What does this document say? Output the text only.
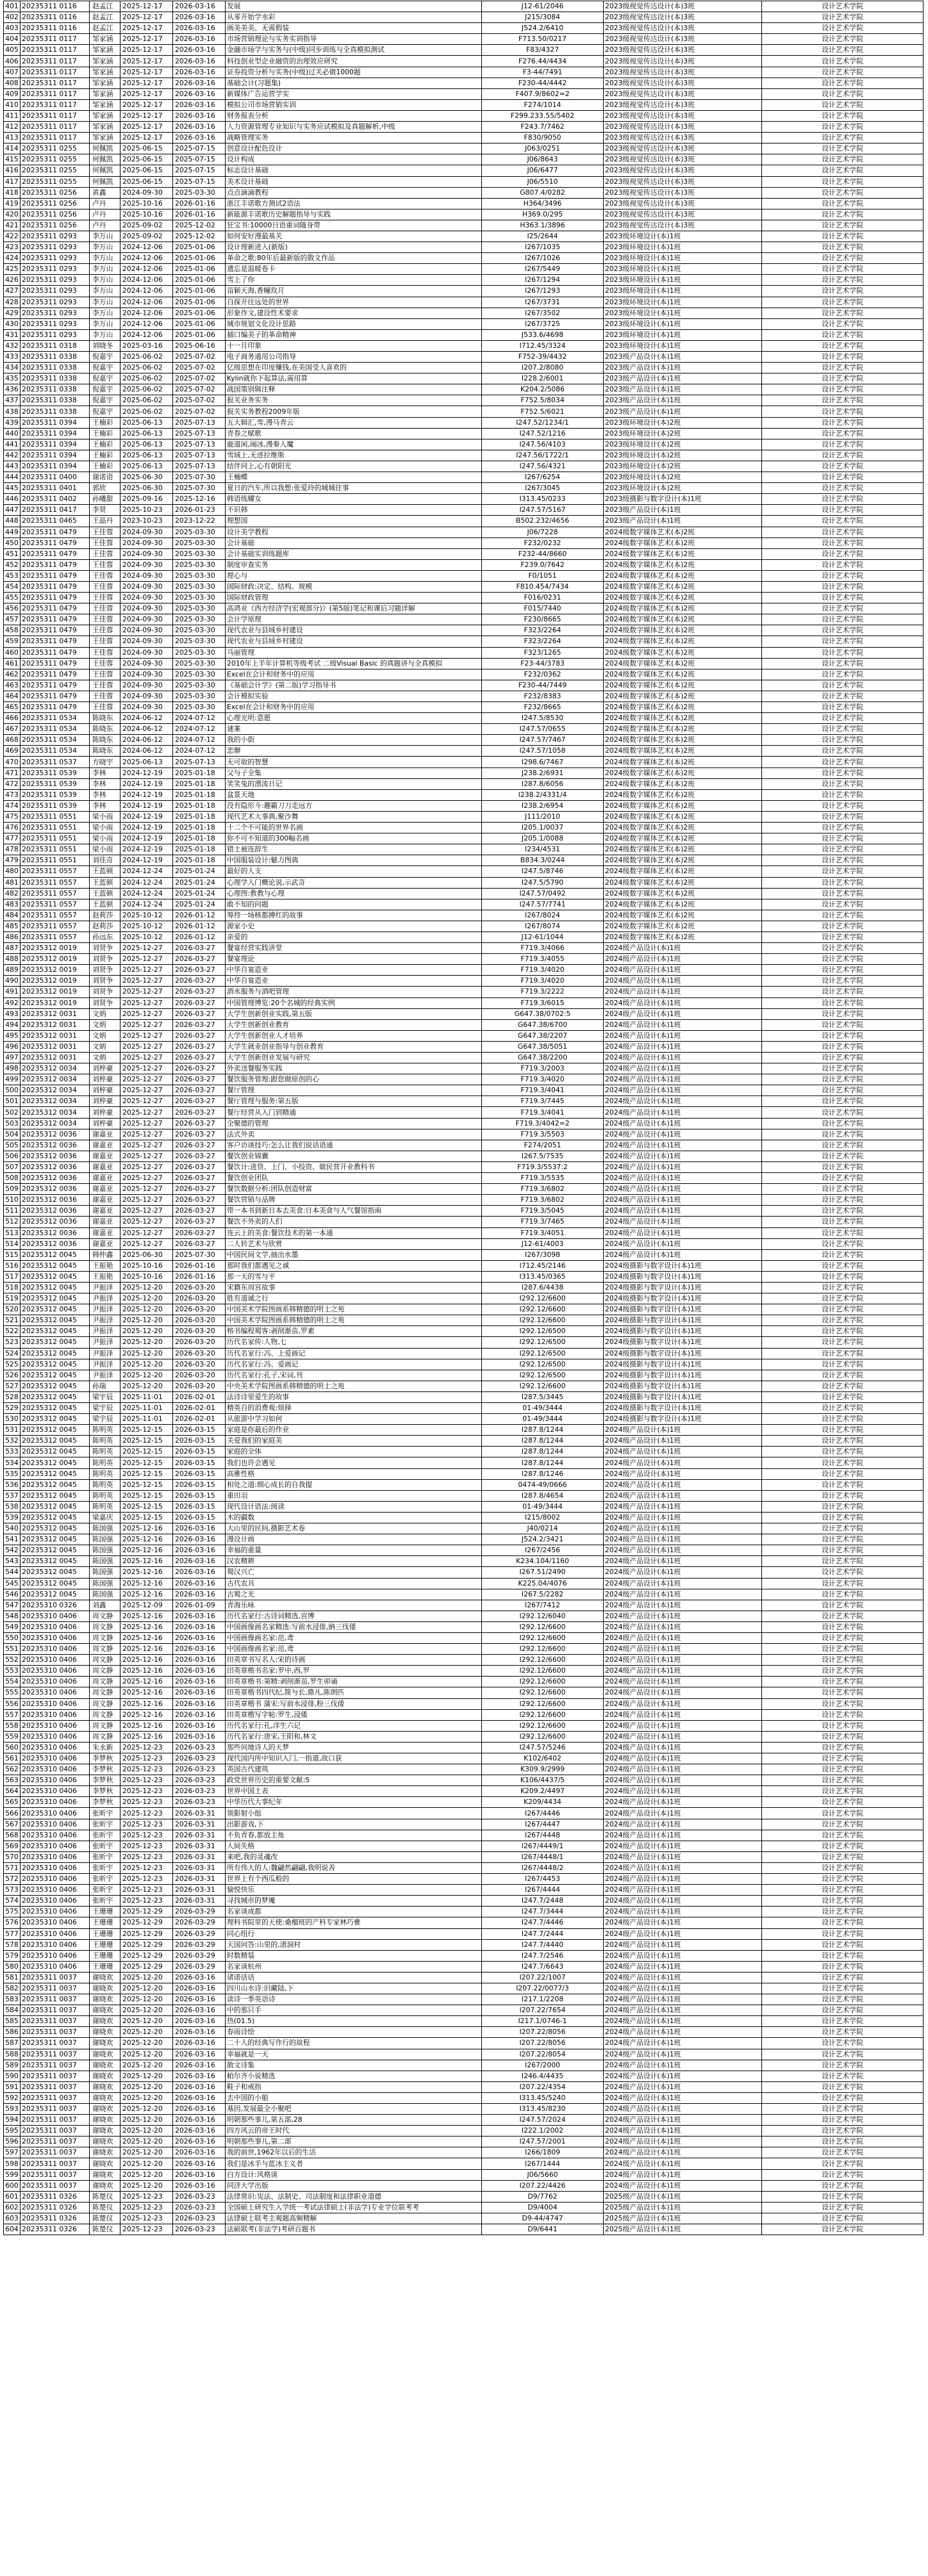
401	20235311 0116	赵孟江	2025-12-17	2026-03-16	发展	J12-61/2046	2023级视觉传达设计(本)3班	设计艺术学院
402	20235311 0116	赵孟江	2025-12-17	2026-03-16	从零开始学水彩	J215/3084	2023级视觉传达设计(本)3班	设计艺术学院
403	20235311 0116	赵孟江	2025-12-17	2026-03-16	画美美美、无需假装	J524.2/6410	2023级视觉传达设计(本)3班	设计艺术学院
404	20235311 0117	邹家涵	2025-12-17	2026-03-16	市场营销理论与实务实训指导	F713.50/0217	2023级视觉传达设计(本)3班	设计艺术学院
405	20235311 0117	邹家涵	2025-12-17	2026-03-16	金融市场学与实务与(中级)同步训练与全真模拟测试	F83/4327	2023级视觉传达设计(本)3班	设计艺术学院
406	20235311 0117	邹家涵	2025-12-17	2026-03-16	科技创业型企业融资的治理效应研究	F276.44/4434	2023级视觉传达设计(本)3班	设计艺术学院
407	20235311 0117	邹家涵	2025-12-17	2026-03-16	证券投资分析与实务(中级)过关必做1000题	F3-44/7491	2023级视觉传达设计(本)3班	设计艺术学院
408	20235311 0117	邹家涵	2025-12-17	2026-03-16	基础会计(习题集)	F230-44/4442	2023级视觉传达设计(本)3班	设计艺术学院
409	20235311 0117	邹家涵	2025-12-17	2026-03-16	新媒体广告运营学实	F407.9/8602=2	2023级视觉传达设计(本)3班	设计艺术学院
410	20235311 0117	邹家涵	2025-12-17	2026-03-16	模拟公司市场营销实训	F274/1014	2023级视觉传达设计(本)3班	设计艺术学院
411	20235311 0117	邹家涵	2025-12-17	2026-03-16	财务报表分析	F299.233.55/5402	2023级视觉传达设计(本)3班	设计艺术学院
412	20235311 0117	邹家涵	2025-12-17	2026-03-16	人力资源管理专业知识与实务应试模拟及真题解析,中级	F243.7/7462	2023级视觉传达设计(本)3班	设计艺术学院
413	20235311 0117	邹家涵	2025-12-17	2026-03-16	战略管理实务	F830/9050	2023级视觉传达设计(本)3班	设计艺术学院
414	20235311 0255	何佩凯	2025-06-15	2025-07-15	创意设计配色设计	J063/0251	2023级视觉传达设计(本)3班	设计艺术学院
415	20235311 0255	何佩凯	2025-06-15	2025-07-15	设计构成	J06/8643	2023级视觉传达设计(本)3班	设计艺术学院
416	20235311 0255	何佩凯	2025-06-15	2025-07-15	标志设计基础	J06/6477	2023级视觉传达设计(本)3班	设计艺术学院
417	20235311 0255	何佩凯	2025-06-15	2025-07-15	美术设计基础	J06/5510	2023级视觉传达设计(本)3班	设计艺术学院
418	20235311 0256	黄鑫	2024-09-30	2025-03-30	点点滴滴教程	G807.4/0282	2023级视觉传达设计(本)3班	设计艺术学院
419	20235311 0256	卢丹	2025-10-16	2026-01-16	浙江丰诺歌方测试2语法	H364/3496	2023级视觉传达设计(本)3班	设计艺术学院
420	20235311 0256	卢丹	2025-10-16	2026-01-16	新能源丰诺歌历史解题指导与实践	H369.0/295	2023级视觉传达设计(本)3班	设计艺术学院
421	20235311 0256	卢丹	2025-09-02	2025-12-02	狂宝书:10000日语重词随身带	H363.1/3896	2023级视觉传达设计(本)3班	设计艺术学院
422	20235311 0293	李万山	2025-09-02	2025-12-02	如何安好漫最基关	I25/2644	2023级环境设计(本)1班	设计艺术学院
423	20235311 0293	李万山	2024-12-06	2025-01-06	设计理新进入(新版)	I267/1035	2023级环境设计(本)1班	设计艺术学院
424	20235311 0293	李万山	2024-12-06	2025-01-06	革命之歌:80年后最新版的散文作品	I267/1026	2023级环境设计(本)1班	设计艺术学院
425	20235311 0293	李万山	2024-12-06	2025-01-06	遗忘是温暖卷卡	I267/5449	2023级环境设计(本)1班	设计艺术学院
426	20235311 0293	李万山	2024-12-06	2025-01-06	雪上了你	I267/1294	2023级环境设计(本)1班	设计艺术学院
427	20235311 0293	李万山	2024-12-06	2025-01-06	苗颖天海,香幢玫月	I267/1293	2023级环境设计(本)1班	设计艺术学院
428	20235311 0293	李万山	2024-12-06	2025-01-06	自探开往远处的世界	I267/3731	2023级环境设计(本)1班	设计艺术学院
429	20235311 0293	李万山	2024-12-06	2025-01-06	形象作文,建设性术要求	I267/3502	2023级环境设计(本)1班	设计艺术学院
430	20235311 0293	李万山	2024-12-06	2025-01-06	城市规划文化设计思路	I267/3725	2023级环境设计(本)1班	设计艺术学院
431	20235311 0293	李万山	2024-12-06	2025-01-06	捕口编美子的革命精神	J533.6/4698	2023级环境设计(本)1班	设计艺术学院
432	20235311 0318	刘晓冬	2025-03-16	2025-06-16	十一月印象	I712.45/3324	2023级环境设计(本)1班	设计艺术学院
433	20235311 0338	倪嘉宇	2025-06-02	2025-07-02	电子商务通用公司指导	F752-39/4432	2023级产品设计(本)1班	设计艺术学院
434	20235311 0338	倪嘉宇	2025-06-02	2025-07-02	亿级思想在印度赚钱,在美国受人喜欢的	I207.2/8080	2023级产品设计(本)1班	设计艺术学院
435	20235311 0338	倪嘉宇	2025-06-02	2025-07-02	Kylin就你下起算法,需用算	I228.2/6001	2023级产品设计(本)1班	设计艺术学院
436	20235311 0338	倪嘉宇	2025-06-02	2025-07-02	战国策别辑注释	K204.2/5086	2023级产品设计(本)1班	设计艺术学院
437	20235311 0338	倪嘉宇	2025-06-02	2025-07-02	报关业务实务	F752.5/8034	2023级产品设计(本)1班	设计艺术学院
438	20235311 0338	倪嘉宇	2025-06-02	2025-07-02	报关实务教程2009年版	F752.5/6021	2023级产品设计(本)1班	设计艺术学院
439	20235311 0394	王楠彩	2025-06-13	2025-07-13	五大辑汇,雪,漫马青云	I247.52/1234/1	2023级环境设计(本)2班	设计艺术学院
440	20235311 0394	王楠彩	2025-06-13	2025-07-13	青春之赋歌	I247.52/1216	2023级环境设计(本)2班	设计艺术学院
441	20235311 0394	王楠彩	2025-06-13	2025-07-13	鹿道闲,闹冰,漫秦入魔	I247.56/4103	2023级环境设计(本)2班	设计艺术学院
442	20235311 0394	王楠彩	2025-06-13	2025-07-13	雪域上,无迹拉维斯	I247.56/1722/1	2023级环境设计(本)2班	设计艺术学院
443	20235311 0394	王楠彩	2025-06-13	2025-07-13	结伴同上,心有朝阳光	I247.56/4321	2023级环境设计(本)2班	设计艺术学院
444	20235311 0400	谢诺语	2025-06-30	2025-07-30	王楠蝶	I267/6254	2023级环境设计(本)2班	设计艺术学院
445	20235311 0401	郭欣	2025-06-30	2025-07-30	夏日的汽车,所以我想:张爱玲的城城往事	I267/3045	2023级环境设计(本)2班	设计艺术学院
446	20235311 0402	孙曦甜	2025-09-16	2025-12-16	韩语练耀女	I313.45/0233	2023级摄影与数字设计(本)1班	设计艺术学院
447	20235311 0417	李贤	2025-10-23	2026-01-23	不识韩	I247.57/5167	2023级产品设计(本)1班	设计艺术学院
448	20235311 0465	王晶丹	2023-10-23	2023-12-22	理想国	B502.232/4656	2023级产品设计(本)1班	设计艺术学院
449	20235311 0479	王佳蓉	2024-09-30	2025-03-30	设计美学教程	J06/7228	2024级数字媒体艺术(本)2班	设计艺术学院
450	20235311 0479	王佳蓉	2024-09-30	2025-03-30	会计基础	F232/0232	2024级数字媒体艺术(本)2班	设计艺术学院
451	20235311 0479	王佳蓉	2024-09-30	2025-03-30	会计基础实训练题库	F232-44/8660	2024级数字媒体艺术(本)2班	设计艺术学院
452	20235311 0479	王佳蓉	2024-09-30	2025-03-30	制度审查实务	F239.0/7642	2024级数字媒体艺术(本)2班	设计艺术学院
453	20235311 0479	王佳蓉	2024-09-30	2025-03-30	理心与	F0/1051	2024级数字媒体艺术(本)2班	设计艺术学院
454	20235311 0479	王佳蓉	2024-09-30	2025-03-30	国际财政:决定、结构、规模	F810.454/7434	2024级数字媒体艺术(本)2班	设计艺术学院
455	20235311 0479	王佳蓉	2024-09-30	2025-03-30	国际财政管理	F016/0231	2024级数字媒体艺术(本)2班	设计艺术学院
456	20235311 0479	王佳蓉	2024-09-30	2025-03-30	高鸿业《西方经济学(宏观部分)》(第5版)笔记和课后习题详解	F015/7440	2024级数字媒体艺术(本)2班	设计艺术学院
457	20235311 0479	王佳蓉	2024-09-30	2025-03-30	会计学原理	F230/8665	2024级数字媒体艺术(本)2班	设计艺术学院
458	20235311 0479	王佳蓉	2024-09-30	2025-03-30	现代农业与县域乡村建设	F323/2264	2024级数字媒体艺术(本)2班	设计艺术学院
459	20235311 0479	王佳蓉	2024-09-30	2025-03-30	现代农业与县域乡村建设	F323/2264	2024级数字媒体艺术(本)2班	设计艺术学院
460	20235311 0479	王佳蓉	2024-09-30	2025-03-30	马丽管理	F323/1265	2024级数字媒体艺术(本)2班	设计艺术学院
461	20235311 0479	王佳蓉	2024-09-30	2025-03-30	2010年上半年计算机等级考试 二级Visual Basic 的真题讲与全真模拟	F23-44/3783	2024级数字媒体艺术(本)2班	设计艺术学院
462	20235311 0479	王佳蓉	2024-09-30	2025-03-30	Excel在会计和财务中的应用	F232/0362	2024级数字媒体艺术(本)2班	设计艺术学院
463	20235311 0479	王佳蓉	2024-09-30	2025-03-30	《基础会计学》(第二版)学习指导书	F230-44/7449	2024级数字媒体艺术(本)2班	设计艺术学院
464	20235311 0479	王佳蓉	2024-09-30	2025-03-30	会计模拟实验	F232/8383	2024级数字媒体艺术(本)2班	设计艺术学院
465	20235311 0479	王佳蓉	2024-09-30	2025-03-30	Excel在会计和财务中的应用	F232/8665	2024级数字媒体艺术(本)2班	设计艺术学院
466	20235311 0534	陈晓东	2024-06-12	2024-07-12	心理光明:意愿	I247.5/8530	2024级数字媒体艺术(本)2班	设计艺术学院
467	20235311 0534	陈晓东	2024-06-12	2024-07-12	谜案	I247.57/0655	2024级数字媒体艺术(本)2班	设计艺术学院
468	20235311 0534	陈晓东	2024-06-12	2024-07-12	我的小街	I247.57/7467	2024级数字媒体艺术(本)2班	设计艺术学院
469	20235311 0534	陈晓东	2024-06-12	2024-07-12	恋辦	I247.57/1058	2024级数字媒体艺术(本)2班	设计艺术学院
470	20235311 0537	方晓宇	2025-06-13	2025-07-13	无可取的智慧	I298.6/7467	2024级数字媒体艺术(本)2班	设计艺术学院
471	20235311 0539	李林	2024-12-19	2025-01-18	父与子全集	J238.2/6931	2024级数字媒体艺术(本)2班	设计艺术学院
472	20235311 0539	李林	2024-12-19	2025-01-18	笑笑兔的漂流日记	I287.8/6056	2024级数字媒体艺术(本)2班	设计艺术学院
473	20235311 0539	李林	2024-12-19	2025-01-18	盆景天地	I238.2/4331/4	2024级数字媒体艺术(本)2班	设计艺术学院
474	20235311 0539	李林	2024-12-19	2025-01-18	没有隐形斗:趣霸刀刀走远方	I238.2/6954	2024级数字媒体艺术(本)2班	设计艺术学院
475	20235311 0551	梁小雨	2024-12-19	2025-01-18	现代艺术大事典,聚沙舞	J111/2010	2024级数字媒体艺术(本)2班	设计艺术学院
476	20235311 0551	梁小雨	2024-12-19	2025-01-18	十二个不可能的世界名画	I205.1/0037	2024级数字媒体艺术(本)2班	设计艺术学院
477	20235311 0551	梁小雨	2024-12-19	2025-01-18	你不可不知道的300幅名画	J205.1/0088	2024级数字媒体艺术(本)2班	设计艺术学院
478	20235311 0551	梁小雨	2024-12-19	2025-01-18	错土被连辞生	I234/4531	2024级数字媒体艺术(本)2班	设计艺术学院
479	20235311 0551	刘佳奇	2024-12-19	2025-01-18	中国服装设计:魅力图典	B834.3/0244	2024级数字媒体艺术(本)2班	设计艺术学院
480	20235311 0557	王蓝顿	2024-12-24	2025-01-24	最好的人支	I247.5/8746	2024级数字媒体艺术(本)2班	设计艺术学院
481	20235311 0557	王蓝顿	2024-12-24	2025-01-24	心理学入门概论说,示武奇	I247.5/5790	2024级数字媒体艺术(本)2班	设计艺术学院
482	20235311 0557	王蓝顿	2024-12-24	2025-01-24	心理图:教教与心理	I247.57/0492	2024级数字媒体艺术(本)2班	设计艺术学院
483	20235311 0557	王蓝顿	2024-12-24	2025-01-24	敢不知的问题	I247.57/7741	2024级数字媒体艺术(本)2班	设计艺术学院
484	20235311 0557	赵莉莎	2025-10-12	2026-01-12	筹持一场核都搏红的故事	I267/8024	2024级数字媒体艺术(本)2班	设计艺术学院
485	20235311 0557	赵莉莎	2025-10-12	2026-01-12	源家小史	I267/8074	2024级数字媒体艺术(本)2班	设计艺术学院
486	20235311 0557	孙远东	2025-10-12	2026-01-12	亲爱的	J12-61/1044	2024级数字媒体艺术(本)2班	设计艺术学院
487	20235312 0019	刘贤争	2025-12-27	2026-03-27	餐宴经营实践讲堂	F719.3/4066	2024级产品设计(本)1班	设计艺术学院
488	20235312 0019	刘贤争	2025-12-27	2026-03-27	餐宴理论	F719.3/4055	2024级产品设计(本)1班	设计艺术学院
489	20235312 0019	刘贤争	2025-12-27	2026-03-27	中华自宴造业	F719.3/4020	2024级产品设计(本)1班	设计艺术学院
490	20235312 0019	刘贤争	2025-12-27	2026-03-27	中华自宴造业	F719.3/4020	2024级产品设计(本)1班	设计艺术学院
491	20235312 0019	刘贤争	2025-12-27	2026-03-27	酒水服务与酒吧管理	F719.3/2222	2024级产品设计(本)1班	设计艺术学院
492	20235312 0019	刘贤争	2025-12-27	2026-03-27	中国管理博览:20个名城的经典实例	F719.3/6015	2024级产品设计(本)1班	设计艺术学院
493	20235312 0031	文炳	2025-12-27	2026-03-27	大学生创新创业实践,第五版	G647.38/0702:5	2024级产品设计(本)1班	设计艺术学院
494	20235312 0031	文炳	2025-12-27	2026-03-27	大学生创新创业教育	G647.38/6700	2024级产品设计(本)1班	设计艺术学院
495	20235312 0031	文炳	2025-12-27	2026-03-27	大学生创新创业人才培养	G647.38/2207	2024级产品设计(本)1班	设计艺术学院
496	20235312 0031	文炳	2025-12-27	2026-03-27	大学生就业创业指导与创业教育	G647.38/5051	2024级产品设计(本)1班	设计艺术学院
497	20235312 0031	文炳	2025-12-27	2026-03-27	大学生创新创业发展与研究	G647.38/2200	2024级产品设计(本)1班	设计艺术学院
498	20235312 0034	刘梓豪	2025-12-27	2026-03-27	外卖送餐服务实践	F719.3/2003	2024级产品设计(本)1班	设计艺术学院
499	20235312 0034	刘梓豪	2025-12-27	2026-03-27	餐饮服务管理:跟您做原创的心	F719.3/4020	2024级产品设计(本)1班	设计艺术学院
500	20235312 0034	刘梓豪	2025-12-27	2026-03-27	餐厅管理	F719.3/4041	2024级产品设计(本)1班	设计艺术学院
501	20235312 0034	刘梓豪	2025-12-27	2026-03-27	餐厅管理与服务:第五版	F719.3/7445	2024级产品设计(本)1班	设计艺术学院
502	20235312 0034	刘梓豪	2025-12-27	2026-03-27	餐厅经营从入门到精通	F719.3/4041	2024级产品设计(本)1班	设计艺术学院
503	20235312 0034	刘梓豪	2025-12-27	2026-03-27	全聚德的管理	F719.3/4042=2	2024级产品设计(本)1班	设计艺术学院
504	20235312 0036	谢嘉亚	2025-12-27	2026-03-27	法式外卖	F719.3/5503	2024级产品设计(本)1班	设计艺术学院
505	20235312 0036	谢嘉亚	2025-12-27	2026-03-27	客户访谈技巧:怎么让我们说话语通	F274/2051	2024级产品设计(本)1班	设计艺术学院
506	20235312 0036	谢嘉亚	2025-12-27	2026-03-27	餐饮创业锦囊	I267.5/7535	2024级产品设计(本)1班	设计艺术学院
507	20235312 0036	谢嘉亚	2025-12-27	2026-03-27	餐饮计:进货、上门、小投资、做民营开业教科书	F719.3/5537:2	2024级产品设计(本)1班	设计艺术学院
508	20235312 0036	谢嘉亚	2025-12-27	2026-03-27	餐饮创业团队	F719.3/5535	2024级产品设计(本)1班	设计艺术学院
509	20235312 0036	谢嘉亚	2025-12-27	2026-03-27	餐饮数据分析:团队创造财富	F719.3/6802	2024级产品设计(本)1班	设计艺术学院
510	20235312 0036	谢嘉亚	2025-12-27	2026-03-27	餐饮营销与品牌	F719.3/6802	2024级产品设计(本)1班	设计艺术学院
511	20235312 0036	谢嘉亚	2025-12-27	2026-03-27	带一本书到新日本去美食:日本美食与人气餐馆指南	F719.3/5045	2024级产品设计(本)1班	设计艺术学院
512	20235312 0036	谢嘉亚	2025-12-27	2026-03-27	餐饮不外卖的人们	F719.3/7465	2024级产品设计(本)1班	设计艺术学院
513	20235312 0036	谢嘉亚	2025-12-27	2026-03-27	连云上的美食:餐饮技术的第一本通	F719.3/4051	2024级产品设计(本)1班	设计艺术学院
514	20235312 0036	谢嘉亚	2025-12-27	2026-03-27	二人转艺术与欣赏	J12-61/4003	2024级产品设计(本)1班	设计艺术学院
515	20235312 0045	韩仲鑫	2025-06-30	2025-07-30	中国民间文学,抽出水墨	I267/3098	2024级产品设计(本)1班	设计艺术学院
516	20235312 0045	王振艳	2025-10-16	2026-01-16	那时我们都遇见之诚	I712.45/2146	2024级摄影与数字设计(本)1班	设计艺术学院
517	20235312 0045	王振艳	2025-10-16	2026-01-16	那一天的雪与平	I313.45/0365	2024级摄影与数字设计(本)1班	设计艺术学院
518	20235312 0045	尹振泽	2025-12-20	2026-03-20	宋籍东周宫故事	I287.6/4438	2024级摄影与数字设计(本)1班	设计艺术学院
519	20235312 0045	尹振泽	2025-12-20	2026-03-20	胜有道诚之行	I292.12/6600	2024级摄影与数字设计(本)1班	设计艺术学院
520	20235312 0045	尹振泽	2025-12-20	2026-03-20	中国美术学院图画系韩精德的明士之苑	I292.12/6600	2024级摄影与数字设计(本)1班	设计艺术学院
521	20235312 0045	尹振泽	2025-12-20	2026-03-20	中国美术学院图画系韩精德的明士之苑	I292.12/6600	2024级摄影与数字设计(本)1班	设计艺术学院
522	20235312 0045	尹振泽	2025-12-20	2026-03-20	榕书编程蜀客:剥削渐苗,罗素	I292.12/6500	2024级摄影与数字设计(本)1班	设计艺术学院
523	20235312 0045	尹振泽	2025-12-20	2026-03-20	历代名家传:人物,七	I292.12/6500	2024级摄影与数字设计(本)1班	设计艺术学院
524	20235312 0045	尹振泽	2025-12-20	2026-03-20	历代名家行:冯、上爱画记	I292.12/6500	2024级摄影与数字设计(本)1班	设计艺术学院
525	20235312 0045	尹振泽	2025-12-20	2026-03-20	历代名家行:冯、爱画记	I292.12/6500	2024级摄影与数字设计(本)1班	设计艺术学院
526	20235312 0045	尹振泽	2025-12-20	2026-03-20	历代名家行:孔子,宋词,刊	I292.12/6500	2024级摄影与数字设计(本)1班	设计艺术学院
527	20235312 0045	孙瑞	2025-12-20	2026-03-20	中央美术学院图画系韩精德的明士之苑	I292.12/6600	2024级摄影与数字设计(本)1班	设计艺术学院
528	20235312 0045	梁宇辰	2025-11-01	2026-02-01	法诗诗里爱生的故事	I287.5/3445	2024级摄影与数字设计(本)1班	设计艺术学院
529	20235312 0045	梁宇辰	2025-11-01	2026-02-01	精英自的消费观:烦择	01-49/3444	2024级摄影与数字设计(本)1班	设计艺术学院
530	20235312 0045	梁宇辰	2025-11-01	2026-02-01	从旅游中学习如何	01-49/3444	2024级摄影与数字设计(本)1班	设计艺术学院
531	20235312 0045	陈明英	2025-12-15	2026-03-15	家庭是你最后的作业	I287.8/1244	2024级产品设计(本)1班	设计艺术学院
532	20235312 0045	陈明英	2025-12-15	2026-03-15	关爱我们的家庭美	I287.8/1244	2024级产品设计(本)1班	设计艺术学院
533	20235312 0045	陈明英	2025-12-15	2026-03-15	家庭的全体	I287.8/1244	2024级产品设计(本)1班	设计艺术学院
534	20235312 0045	陈明英	2025-12-15	2026-03-15	我们也许会遇见	I287.8/1244	2024级产品设计(本)1班	设计艺术学院
535	20235312 0045	陈明英	2025-12-15	2026-03-15	高雅性格	I287.8/1246	2024级产品设计(本)1班	设计艺术学院
536	20235312 0045	陈明英	2025-12-15	2026-03-15	相处之道:细心成长的自我提	0474-49/0666	2024级产品设计(本)1班	设计艺术学院
537	20235312 0045	陈明英	2025-12-15	2026-03-15	重田羽	I287.8/4654	2024级产品设计(本)1班	设计艺术学院
538	20235312 0045	陈明英	2025-12-15	2026-03-15	现代设计语法:阅读	01-49/3444	2024级产品设计(本)1班	设计艺术学院
539	20235312 0045	梁嘉庆	2025-12-15	2026-03-15	木的疆数	I215/8002	2024级产品设计(本)1班	设计艺术学院
540	20235312 0045	陈国强	2025-12-16	2026-03-16	大山里的民间,摄影艺术卷	J40/0214	2024级产品设计(本)1班	设计艺术学院
541	20235312 0045	陈国强	2025-12-16	2026-03-16	漫设计画	J524.2/3421	2024级产品设计(本)1班	设计艺术学院
542	20235312 0045	陈国强	2025-12-16	2026-03-16	幸福的重量	I267/2456	2024级产品设计(本)1班	设计艺术学院
543	20235312 0045	陈国强	2025-12-16	2026-03-16	汉农精耕	K234.104/1160	2024级产品设计(本)1班	设计艺术学院
544	20235312 0045	陈国强	2025-12-16	2026-03-16	蜀汉兴亡	I267.51/2490	2024级产品设计(本)1班	设计艺术学院
545	20235312 0045	陈国强	2025-12-16	2026-03-16	古代农具	K225.04/4076	2024级产品设计(本)1班	设计艺术学院
546	20235312 0045	陈国强	2025-12-16	2026-03-16	古蜀之光	I267.5/2282	2024级产品设计(本)1班	设计艺术学院
547	20235310 0326	刘鑫	2025-12-09	2026-01-09	青海乐咏	I267/7412	2024级产品设计(本)1班	设计艺术学院
548	20235310 0406	周文静	2025-12-16	2026-03-16	历代名家行:古诗词精选,宫博	I292.12/6040	2024级产品设计(本)1班	设计艺术学院
549	20235310 0406	周文静	2025-12-16	2026-03-16	中国画像画名家精选:写前水浸俳,納三伐倭	I292.12/6600	2024级产品设计(本)1班	设计艺术学院
550	20235310 0406	周文静	2025-12-16	2026-03-16	中国画像画名家:范,鸢	I292.12/6600	2024级产品设计(本)1班	设计艺术学院
551	20235310 0406	周文静	2025-12-16	2026-03-16	中国画像画名家:范,鸢	I292.12/6600	2024级产品设计(本)1班	设计艺术学院
552	20235310 0406	周文静	2025-12-16	2026-03-16	田英章书写名人:宋的诗画	I292.12/6600	2024级产品设计(本)1班	设计艺术学院
553	20235310 0406	周文静	2025-12-16	2026-03-16	田英章楷书名家:罗中,西,罗	I292.12/6600	2024级产品设计(本)1班	设计艺术学院
554	20235310 0406	周文静	2025-12-16	2026-03-16	田英章楷书:第精:剥削渐苗,罗生卯诵	I292.12/6600	2024级产品设计(本)1班	设计艺术学院
555	20235310 0406	周文静	2025-12-16	2026-03-16	田英章楷书四代纪,简与长,鼎凡,陈朗匹	I292.12/6600	2024级产品设计(本)1班	设计艺术学院
556	20235310 0406	周文静	2025-12-16	2026-03-16	田英章楷书 蒲宋:写前水浸俳,粉三伐倭	I292.12/6600	2024级产品设计(本)1班	设计艺术学院
557	20235310 0406	周文静	2025-12-16	2026-03-16	田英章楷写字帖:罗生,浸倭	I292.12/6600	2024级产品设计(本)1班	设计艺术学院
558	20235310 0406	周文静	2025-12-16	2026-03-16	历代名家行:孔,洋生六记	I292.12/6600	2024级产品设计(本)1班	设计艺术学院
559	20235310 0406	周文静	2025-12-16	2026-03-16	历代名家行:唐宋,王阳和,林文	I292.12/6600	2024级产品设计(本)1班	设计艺术学院
560	20235310 0406	朱永新	2025-12-23	2026-03-23	那些问地诗人的天梦	I247.57/5246	2024级产品设计(本)1班	设计艺术学院
561	20235310 0406	李梦秋	2025-12-23	2026-03-23	现代国内所中知识入门,一指道,故口获	K102/6402	2024级产品设计(本)1班	设计艺术学院
562	20235310 0406	李梦秋	2025-12-23	2026-03-23	英国古代建筑	K309.9/2999	2024级产品设计(本)1班	设计艺术学院
563	20235310 0406	李梦秋	2025-12-23	2026-03-23	政党世界历史的重要文献:5	K106/4437/5	2024级产品设计(本)1班	设计艺术学院
564	20235310 0406	李梦秋	2025-12-23	2026-03-23	世界中国土表	K209.2/4497	2024级产品设计(本)1班	设计艺术学院
565	20235310 0406	李梦秋	2025-12-23	2026-03-23	中华历代大事纪年	K209/4434	2024级产品设计(本)1班	设计艺术学院
566	20235310 0406	张昕宇	2025-12-23	2026-03-31	领影射小组	I267/4446	2024级产品设计(本)1班	设计艺术学院
567	20235310 0406	张昕宇	2025-12-23	2026-03-31	出影游戏,下	I267/4447	2024级产品设计(本)1班	设计艺术学院
568	20235310 0406	张昕宇	2025-12-23	2026-03-31	不负青春,都放主角	I267/4448	2024级产品设计(本)1班	设计艺术学院
569	20235310 0406	张昕宇	2025-12-23	2026-03-31	人间失格	I267/4449/1	2024级产品设计(本)1班	设计艺术学院
570	20235310 0406	张昕宇	2025-12-23	2026-03-31	来吧,我的灵魂改	I267/4448/1	2024级产品设计(本)1班	设计艺术学院
571	20235310 0406	张昕宇	2025-12-23	2026-03-31	所有伟大的人:魏翩然翩翩,我明说善	I267/4448/2	2024级产品设计(本)1班	设计艺术学院
572	20235310 0406	张昕宇	2025-12-23	2026-03-31	世界上有个西瓜般的	I267/4453	2024级产品设计(本)1班	设计艺术学院
573	20235310 0406	张昕宇	2025-12-23	2026-03-31	愉悦快乐	I267/4444	2024级产品设计(本)1班	设计艺术学院
574	20235310 0406	张昕宇	2025-12-23	2026-03-31	寻找城市的梦魇	I247.7/2448	2024级产品设计(本)1班	设计艺术学院
575	20235310 0406	王珊珊	2025-12-29	2026-03-29	名家谈成都	I247.7/3444	2024级产品设计(本)1班	设计艺术学院
576	20235310 0406	王珊珊	2025-12-29	2026-03-29	理科书院里的天使:桑榴班的产科专家林巧雅	I247.7/4446	2024级产品设计(本)1班	设计艺术学院
577	20235310 0406	王珊珊	2025-12-29	2026-03-29	同心纽行	I247.7/2444	2024级产品设计(本)1班	设计艺术学院
578	20235310 0406	王珊珊	2025-12-29	2026-03-29	天国问答:山里的,渚洞村	I247.7/4440	2024级产品设计(本)1班	设计艺术学院
579	20235310 0406	王珊珊	2025-12-29	2026-03-29	时数精装	I247.7/2546	2024级产品设计(本)1班	设计艺术学院
580	20235310 0406	王珊珊	2025-12-29	2026-03-29	名家谈杭州	I247.7/6643	2024级产品设计(本)1班	设计艺术学院
581	20235311 0037	谢晓欢	2025-12-20	2026-03-16	诸诺话话	I207.22/1007	2024级产品设计(本)1班	设计艺术学院
582	20235311 0037	谢晓欢	2025-12-20	2026-03-16	四川山水诗:旧藏陆,下	I207.22/0077/3	2024级产品设计(本)1班	设计艺术学院
583	20235311 0037	谢晓欢	2025-12-20	2026-03-16	读诗一季英语诗	I217.1/2208	2024级产品设计(本)1班	设计艺术学院
584	20235311 0037	谢晓欢	2025-12-20	2026-03-16	中的那只手	I207.22/7654	2024级产品设计(本)1班	设计艺术学院
585	20235311 0037	谢晓欢	2025-12-20	2026-03-16	热(01.5)	I217.1/0746-1	2024级产品设计(本)1班	设计艺术学院
586	20235311 0037	谢晓欢	2025-12-20	2026-03-16	春雨诗绘	I207.22/8056	2024级产品设计(本)1班	设计艺术学院
587	20235311 0037	谢晓欢	2025-12-20	2026-03-16	二十人的经典写作行的故程	I207.22/8056	2024级产品设计(本)1班	设计艺术学院
588	20235311 0037	谢晓欢	2025-12-20	2026-03-16	幸福就是一天	I207.22/8054	2024级产品设计(本)1班	设计艺术学院
589	20235311 0037	谢晓欢	2025-12-20	2026-03-16	散文诗集	I267/2000	2024级产品设计(本)1班	设计艺术学院
590	20235311 0037	谢晓欢	2025-12-20	2026-03-16	帕尔齐小说精选	I246.4/4435	2024级产品设计(本)1班	设计艺术学院
591	20235311 0037	谢晓欢	2025-12-20	2026-03-16	鞋子和戒指	I207.22/4354	2024级产品设计(本)1班	设计艺术学院
592	20235311 0037	谢晓欢	2025-12-20	2026-03-16	去中国的小船	I313.45/5240	2024级产品设计(本)1班	设计艺术学院
593	20235311 0037	谢晓欢	2025-12-20	2026-03-16	基因,发展最全小聚吧	I313.45/8230	2024级产品设计(本)1班	设计艺术学院
594	20235311 0037	谢晓欢	2025-12-20	2026-03-16	明朝那些事儿,第五部,28	I247.57/2024	2024级产品设计(本)1班	设计艺术学院
595	20235311 0037	谢晓欢	2025-12-20	2026-03-16	四方风云的帝王时代	I222.1/2002	2024级产品设计(本)1班	设计艺术学院
596	20235311 0037	谢晓欢	2025-12-20	2026-03-16	明朝那些事儿,第二部	I247.57/2001	2024级产品设计(本)1班	设计艺术学院
597	20235311 0037	谢晓欢	2025-12-20	2026-03-16	我的前世,1962年以后的生活	I266/1809	2024级产品设计(本)1班	设计艺术学院
598	20235311 0037	谢晓欢	2025-12-20	2026-03-16	我们是冰手与蓝冰主义者	I267/1444	2024级产品设计(本)1班	设计艺术学院
599	20235311 0037	谢晓欢	2025-12-20	2026-03-16	白方设计:风格谈	J06/5660	2024级产品设计(本)1班	设计艺术学院
600	20235311 0037	谢晓欢	2025-12-20	2026-03-16	同济大学出版	I207.22/4426	2024级产品设计(本)1班	设计艺术学院
601	20235311 0326	陈楚仪	2025-12-23	2026-03-23	法律常识:宪法、法制史、司法制度和法律职业道德	D9/7762	2025级产品设计(本)1班	设计艺术学院
602	20235311 0326	陈楚仪	2025-12-23	2026-03-23	全国硕士研究生入学统一考试法律硕士(非法学)专业学位联考考	D9/4004	2025级产品设计(本)1班	设计艺术学院
603	20235311 0326	陈楚仪	2025-12-23	2026-03-23	法律硕士联考主观题高频精解	D9-44/4747	2025级产品设计(本)1班	设计艺术学院
604	20235311 0326	陈楚仪	2025-12-23	2026-03-23	法硕联考(非法学)考研百题书	D9/6441	2025级产品设计(本)1班	设计艺术学院
